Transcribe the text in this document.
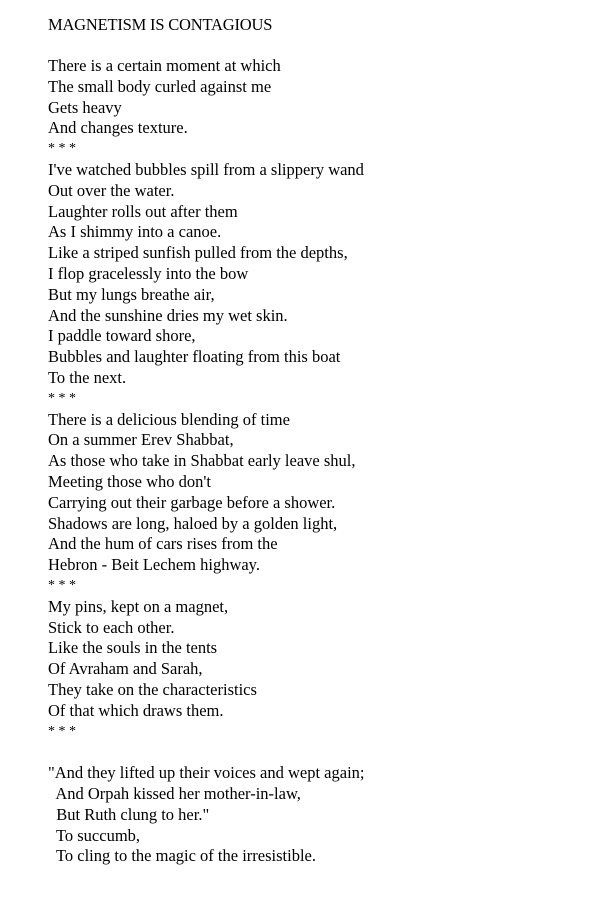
MAGNETISM IS CONTAGIOUS
There is a certain moment at which
The small body curled against me
Gets heavy
And changes texture.
* * *
I've watched bubbles spill from a slippery wand
Out over the water.
Laughter rolls out after them
As I shimmy into a canoe.
Like a striped sunfish pulled from the depths,
I flop gracelessly into the bow
But my lungs breathe air,
And the sunshine dries my wet skin.
I paddle toward shore,
Bubbles and laughter floating from this boat
To the next.
* * *
There is a delicious blending of time
On a summer Erev Shabbat,
As those who take in Shabbat early leave shul,
Meeting those who don't
Carrying out their garbage before a shower.
Shadows are long, haloed by a golden light,
And the hum of cars rises from the
Hebron - Beit Lechem highway.
* * *
My pins, kept on a magnet,
Stick to each other.
Like the souls in the tents
Of Avraham and Sarah,
They take on the characteristics
Of that which draws them.
* * *
"And they lifted up their voices and wept again;
And Orpah kissed her mother-in-law,
But Ruth clung to her."
To succumb,
To cling to the magic of the irresistible.
